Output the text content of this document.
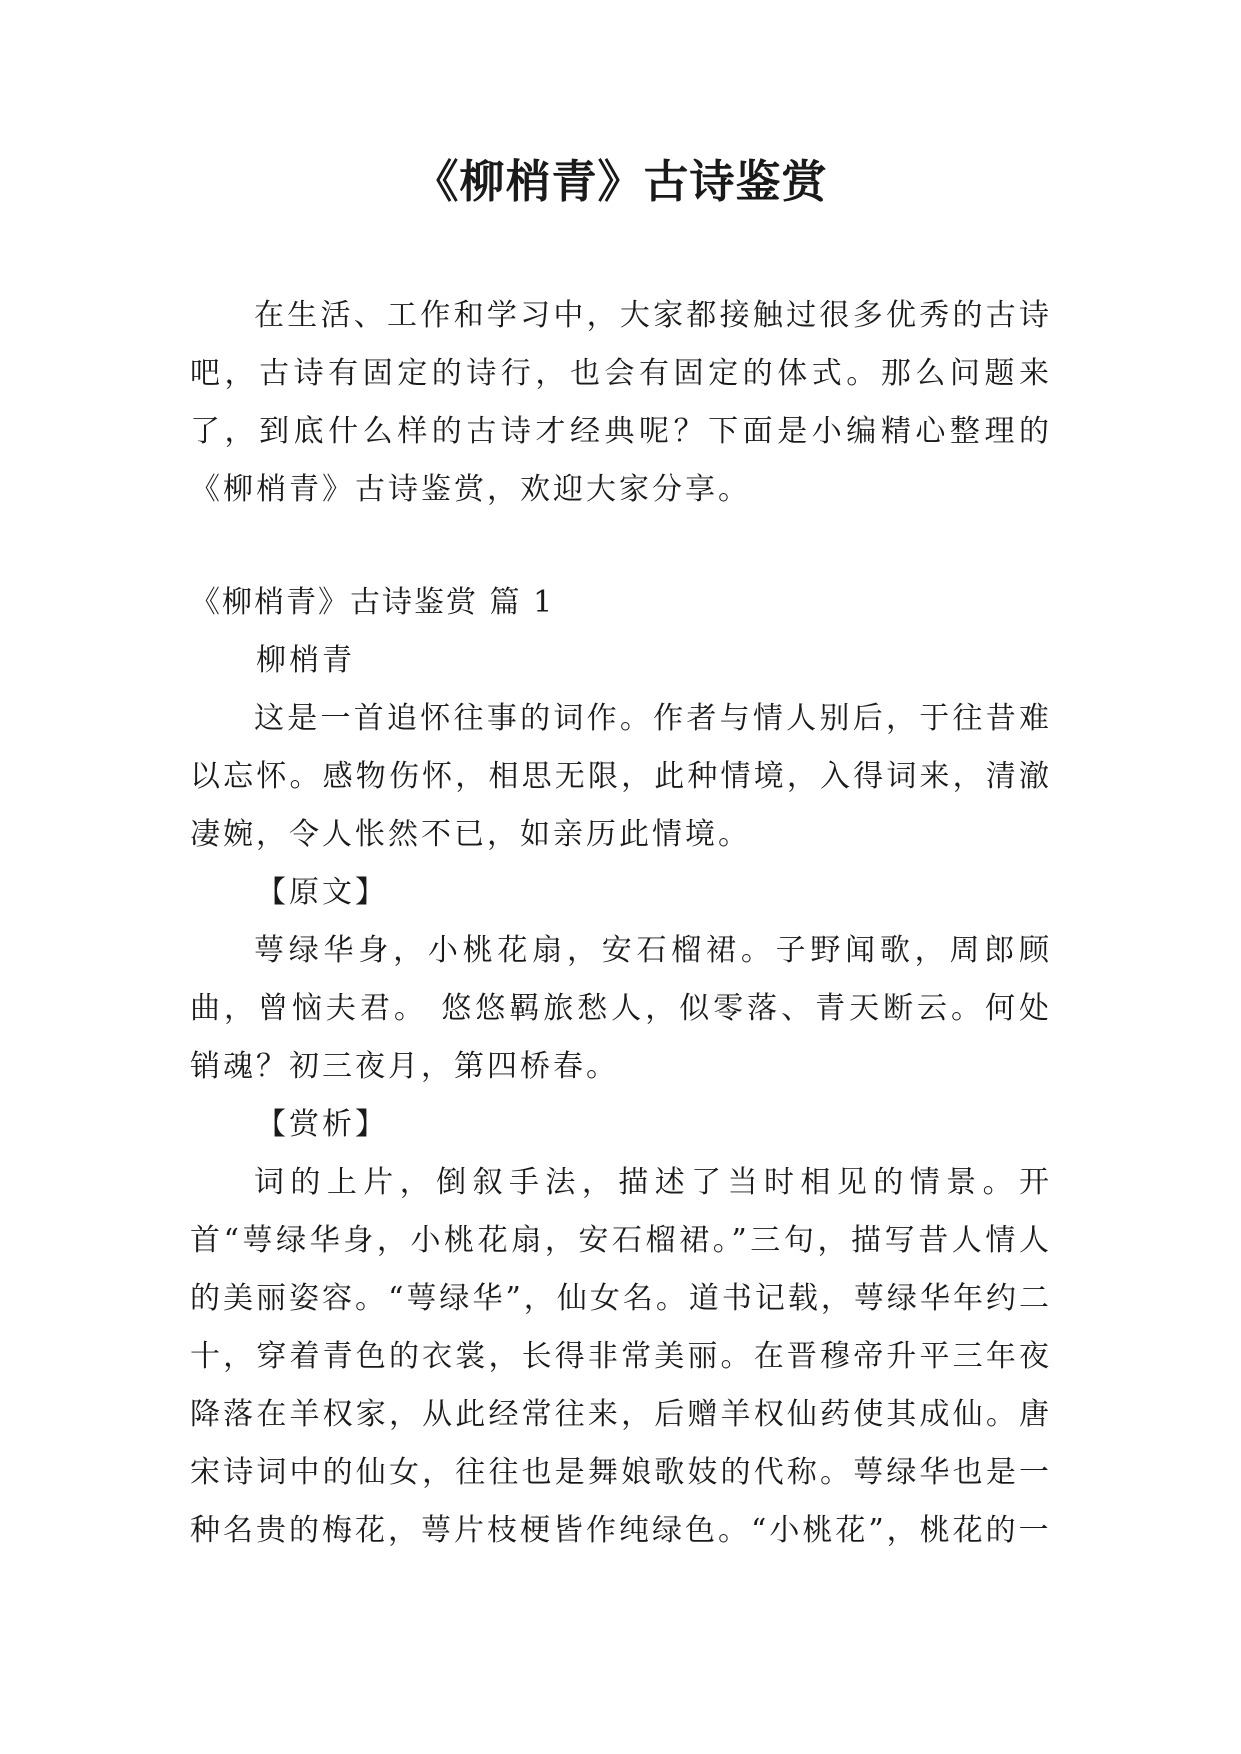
《柳梢青》古诗鉴赏
在生活、工作和学习中，大家都接触过很多优秀的古诗吧，古诗有固定的诗行，也会有固定的体式。那么问题来了，到底什么样的古诗才经典呢？下面是小编精心整理的《柳梢青》古诗鉴赏，欢迎大家分享。
《柳梢青》古诗鉴赏 篇 1
柳梢青
这是一首追怀往事的词作。作者与情人别后，于往昔难以忘怀。感物伤怀，相思无限，此种情境，入得词来，清澈凄婉，令人怅然不已，如亲历此情境。
【原文】
萼绿华身，小桃花扇，安石榴裙。子野闻歌，周郎顾曲，曾恼夫君。 悠悠羁旅愁人，似零落、青天断云。何处销魂？初三夜月，第四桥春。
【赏析】
词的上片，倒叙手法，描述了当时相见的情景。开首“萼绿华身，小桃花扇，安石榴裙。”三句，描写昔人情人的美丽姿容。“萼绿华”，仙女名。道书记载，萼绿华年约二十，穿着青色的衣裳，长得非常美丽。在晋穆帝升平三年夜降落在羊权家，从此经常往来，后赠羊权仙药使其成仙。唐宋诗词中的仙女，往往也是舞娘歌妓的代称。萼绿华也是一种名贵的梅花，萼片枝梗皆作纯绿色。“小桃花”，桃花的一
